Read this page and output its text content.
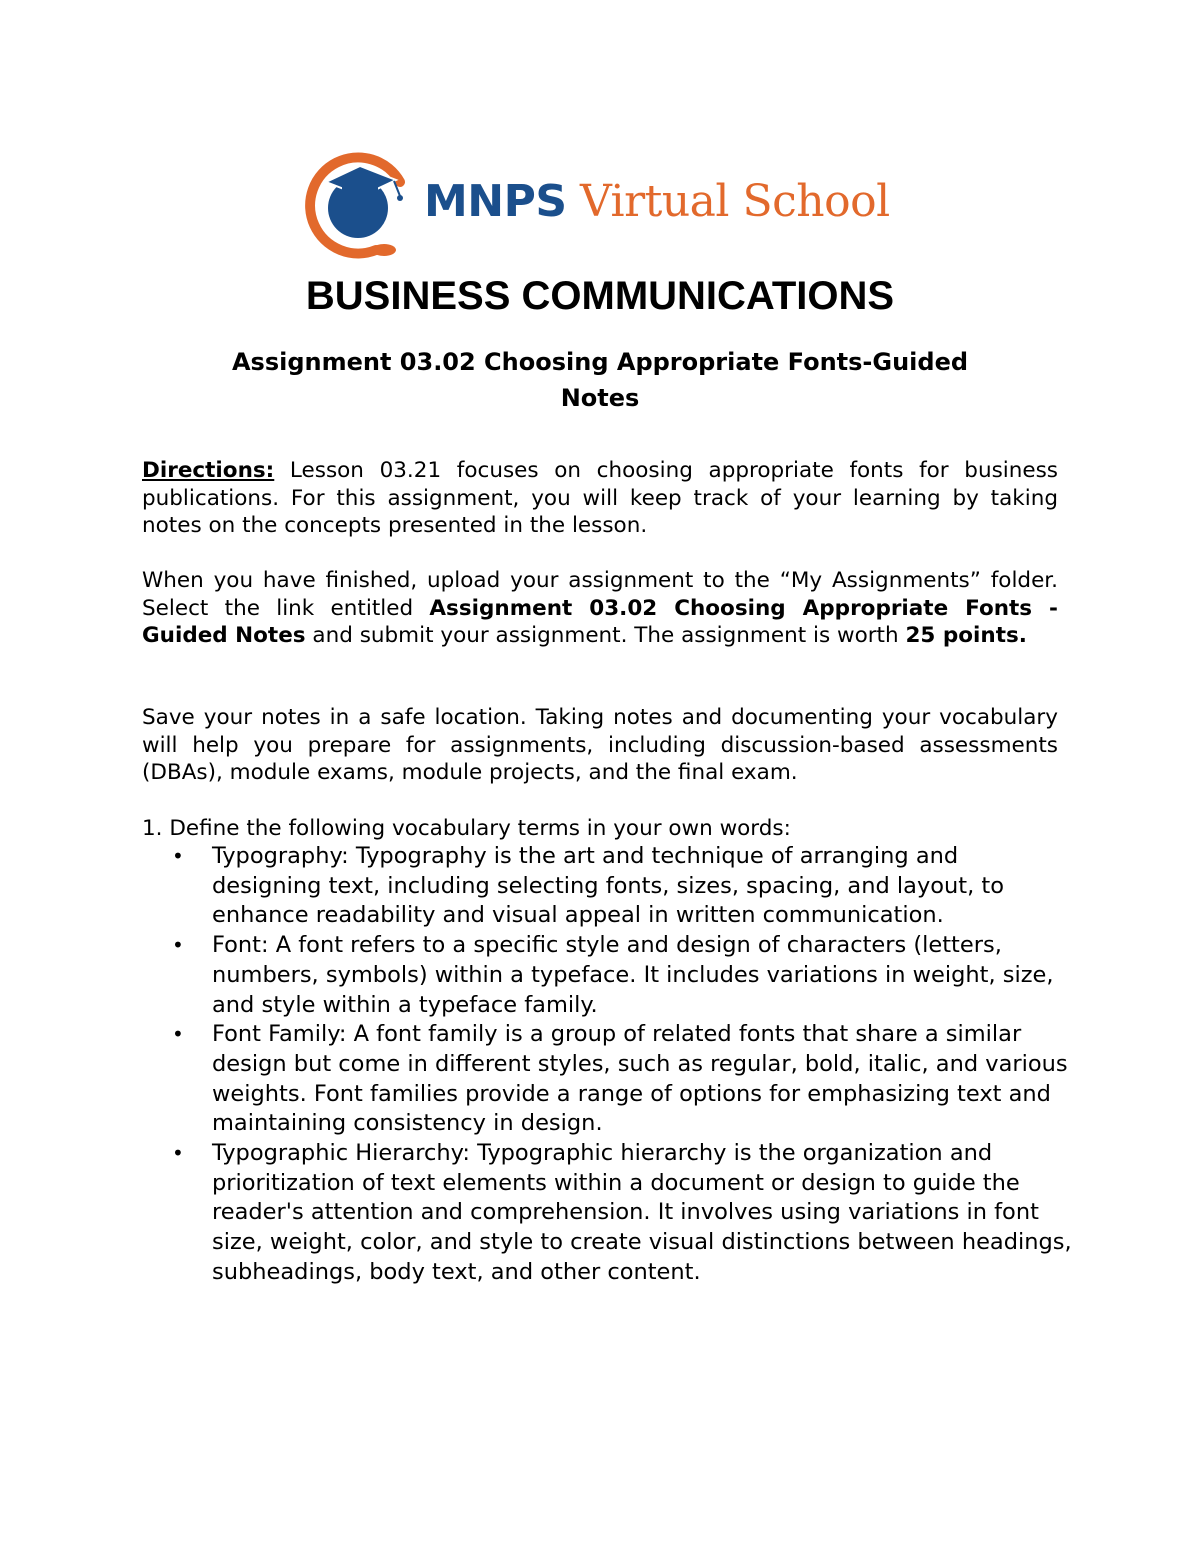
MNPS Virtual School
BUSINESS COMMUNICATIONS
Assignment 03.02 Choosing Appropriate Fonts-Guided
Notes
Directions: Lesson 03.21 focuses on choosing appropriate fonts for business publications. For this assignment, you will keep track of your learning by taking notes on the concepts presented in the lesson.
When you have finished, upload your assignment to the “My Assignments” folder. Select the link entitled Assignment 03.02 Choosing Appropriate Fonts - Guided Notes and submit your assignment. The assignment is worth 25 points.
Save your notes in a safe location. Taking notes and documenting your vocabulary will help you prepare for assignments, including discussion-based assessments (DBAs), module exams, module projects, and the final exam.
1. Define the following vocabulary terms in your own words:
• Typography: Typography is the art and technique of arranging and designing text, including selecting fonts, sizes, spacing, and layout, to enhance readability and visual appeal in written communication.
• Font: A font refers to a specific style and design of characters (letters, numbers, symbols) within a typeface. It includes variations in weight, size, and style within a typeface family.
• Font Family: A font family is a group of related fonts that share a similar design but come in different styles, such as regular, bold, italic, and various weights. Font families provide a range of options for emphasizing text and maintaining consistency in design.
• Typographic Hierarchy: Typographic hierarchy is the organization and prioritization of text elements within a document or design to guide the reader's attention and comprehension. It involves using variations in font size, weight, color, and style to create visual distinctions between headings, subheadings, body text, and other content.
